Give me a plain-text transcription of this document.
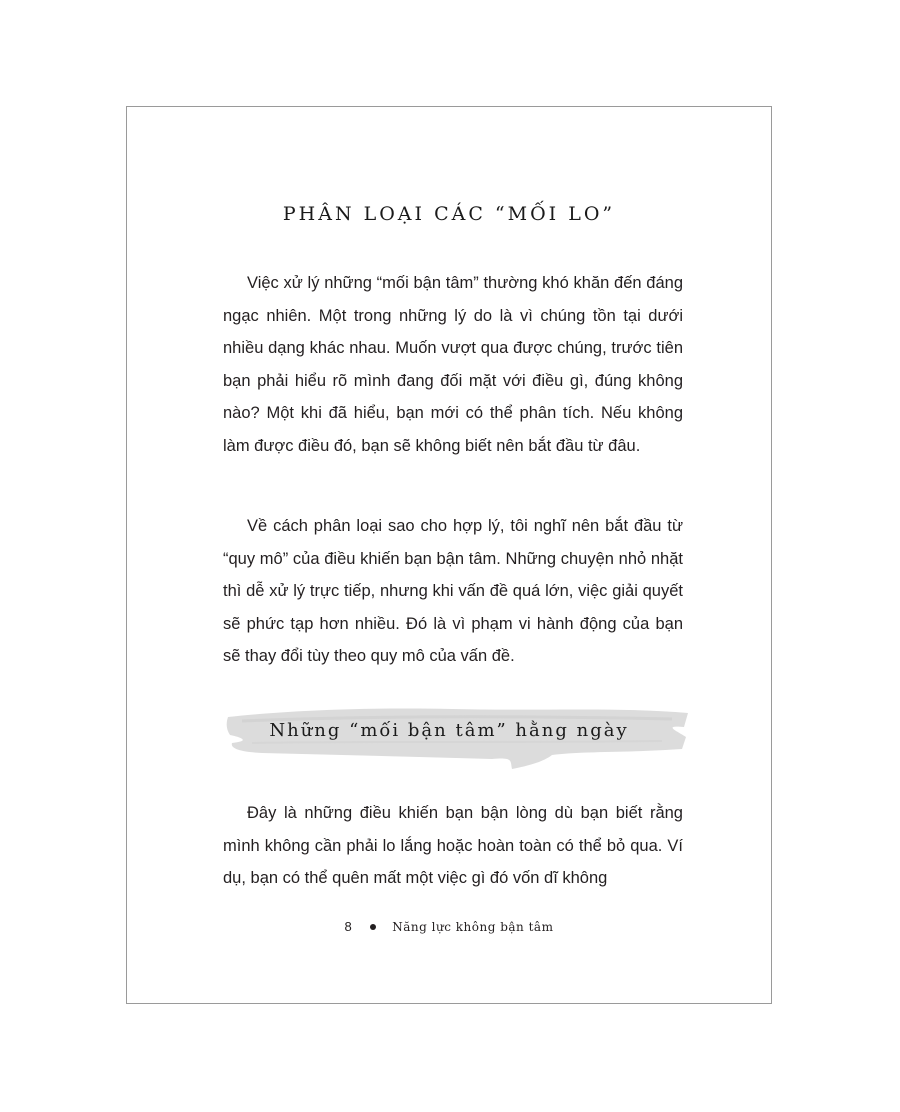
PHÂN LOẠI CÁC “MỐI LO”

Việc xử lý những “mối bận tâm” thường khó khăn đến đáng ngạc nhiên. Một trong những lý do là vì chúng tồn tại dưới nhiều dạng khác nhau. Muốn vượt qua được chúng, trước tiên bạn phải hiểu rõ mình đang đối mặt với điều gì, đúng không nào? Một khi đã hiểu, bạn mới có thể phân tích. Nếu không làm được điều đó, bạn sẽ không biết nên bắt đầu từ đâu.

Về cách phân loại sao cho hợp lý, tôi nghĩ nên bắt đầu từ “quy mô” của điều khiến bạn bận tâm. Những chuyện nhỏ nhặt thì dễ xử lý trực tiếp, nhưng khi vấn đề quá lớn, việc giải quyết sẽ phức tạp hơn nhiều. Đó là vì phạm vi hành động của bạn sẽ thay đổi tùy theo quy mô của vấn đề.

Những “mối bận tâm” hằng ngày

Đây là những điều khiến bạn bận lòng dù bạn biết rằng mình không cần phải lo lắng hoặc hoàn toàn có thể bỏ qua. Ví dụ, bạn có thể quên mất một việc gì đó vốn dĩ không

8	Năng lực không bận tâm
